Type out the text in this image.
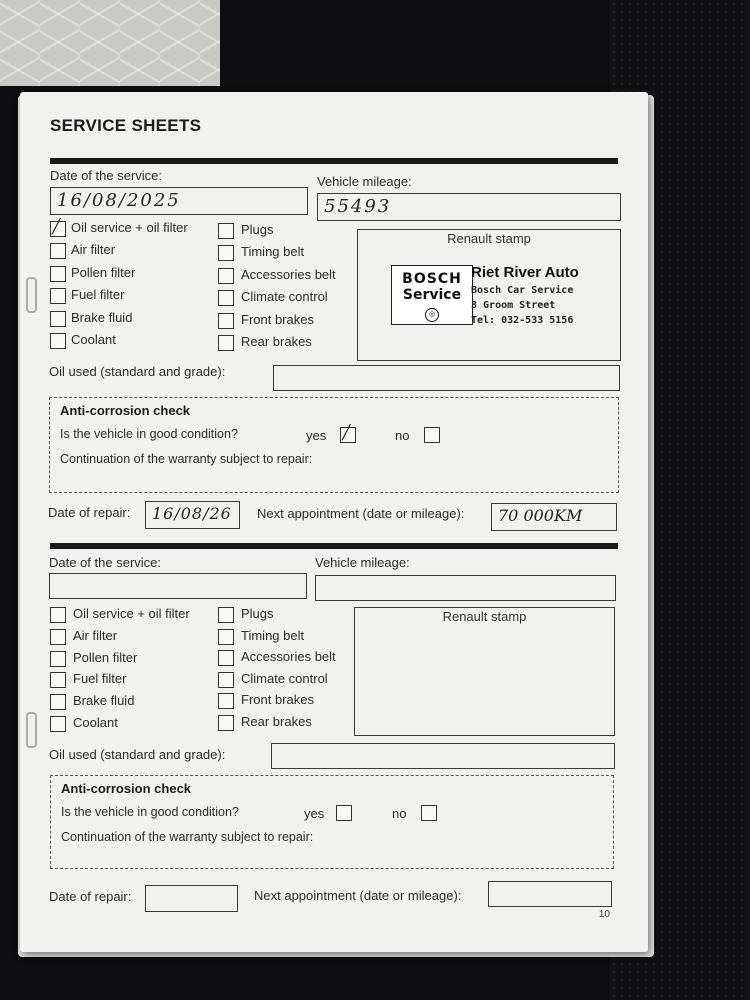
SERVICE SHEETS
Date of the service:
16/08/2025
Vehicle mileage:
55493
╱ Oil service + oil filter
Air filter
Pollen filter
Fuel filter
Brake fluid
Coolant
Plugs
Timing belt
Accessories belt
Climate control
Front brakes
Rear brakes
Renault stamp
BOSCH
Service
◎
Riet River Auto
Bosch Car Service
3 Groom Street
Tel: 032-533 5156
Oil used (standard and grade):
Anti-corrosion check
Is the vehicle in good condition?	yes ╱	no
Continuation of the warranty subject to repair:
Date of repair: 16/08/26 Next appointment (date or mileage): 70 000KM
Date of the service:	Vehicle mileage:
Oil service + oil filter
Air filter
Pollen filter
Fuel filter
Brake fluid
Coolant
Plugs
Timing belt
Accessories belt
Climate control
Front brakes
Rear brakes
Renault stamp
Oil used (standard and grade):
Anti-corrosion check
Is the vehicle in good condition?	yes	no
Continuation of the warranty subject to repair:
Date of repair:	Next appointment (date or mileage):
10
